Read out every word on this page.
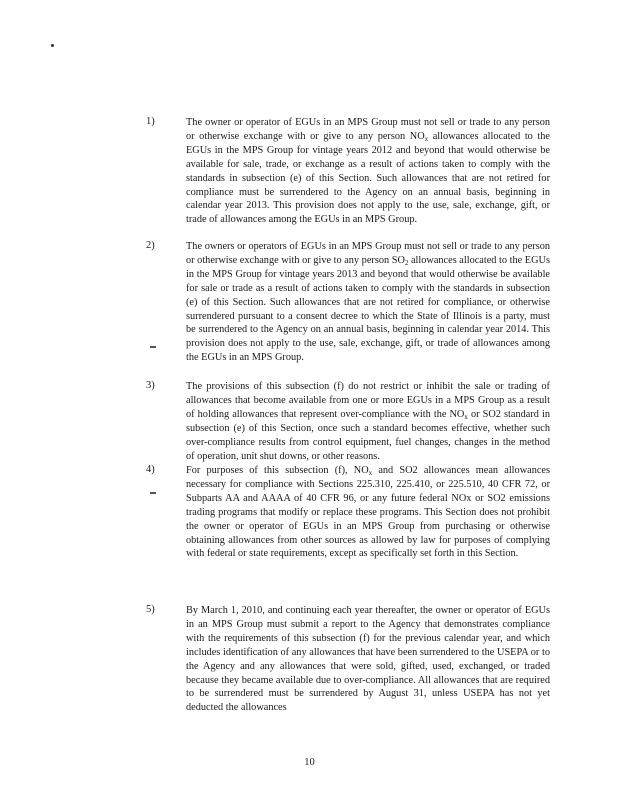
1)	The owner or operator of EGUs in an MPS Group must not sell or trade to any person or otherwise exchange with or give to any person $NO_x$ allowances allocated to the EGUs in the MPS Group for vintage years 2012 and beyond that would otherwise be available for sale, trade, or exchange as a result of actions taken to comply with the standards in subsection (e) of this Section. Such allowances that are not retired for compliance must be surrendered to the Agency on an annual basis, beginning in calendar year 2013. This provision does not apply to the use, sale, exchange, gift, or trade of allowances among the EGUs in an MPS Group.
2)	The owners or operators of EGUs in an MPS Group must not sell or trade to any person or otherwise exchange with or give to any person $SO_2$ allowances allocated to the EGUs in the MPS Group for vintage years 2013 and beyond that would otherwise be available for sale or trade as a result of actions taken to comply with the standards in subsection (e) of this Section. Such allowances that are not retired for compliance, or otherwise surrendered pursuant to a consent decree to which the State of Illinois is a party, must be surrendered to the Agency on an annual basis, beginning in calendar year 2014. This provision does not apply to the use, sale, exchange, gift, or trade of allowances among the EGUs in an MPS Group.
3)	The provisions of this subsection (f) do not restrict or inhibit the sale or trading of allowances that become available from one or more EGUs in a MPS Group as a result of holding allowances that represent over-compliance with the $NO_x$ or SO2 standard in subsection (e) of this Section, once such a standard becomes effective, whether such over-compliance results from control equipment, fuel changes, changes in the method of operation, unit shut downs, or other reasons.
4)	For purposes of this subsection (f), $NO_x$ and SO2 allowances mean allowances necessary for compliance with Sections 225.310, 225.410, or 225.510, 40 CFR 72, or Subparts AA and AAAA of 40 CFR 96, or any future federal NOx or SO2 emissions trading programs that modify or replace these programs. This Section does not prohibit the owner or operator of EGUs in an MPS Group from purchasing or otherwise obtaining allowances from other sources as allowed by law for purposes of complying with federal or state requirements, except as specifically set forth in this Section.
5)	By March 1, 2010, and continuing each year thereafter, the owner or operator of EGUs in an MPS Group must submit a report to the Agency that demonstrates compliance with the requirements of this subsection (f) for the previous calendar year, and which includes identification of any allowances that have been surrendered to the USEPA or to the Agency and any allowances that were sold, gifted, used, exchanged, or traded because they became available due to over-compliance. All allowances that are required to be surrendered must be surrendered by August 31, unless USEPA has not yet deducted the allowances
10
